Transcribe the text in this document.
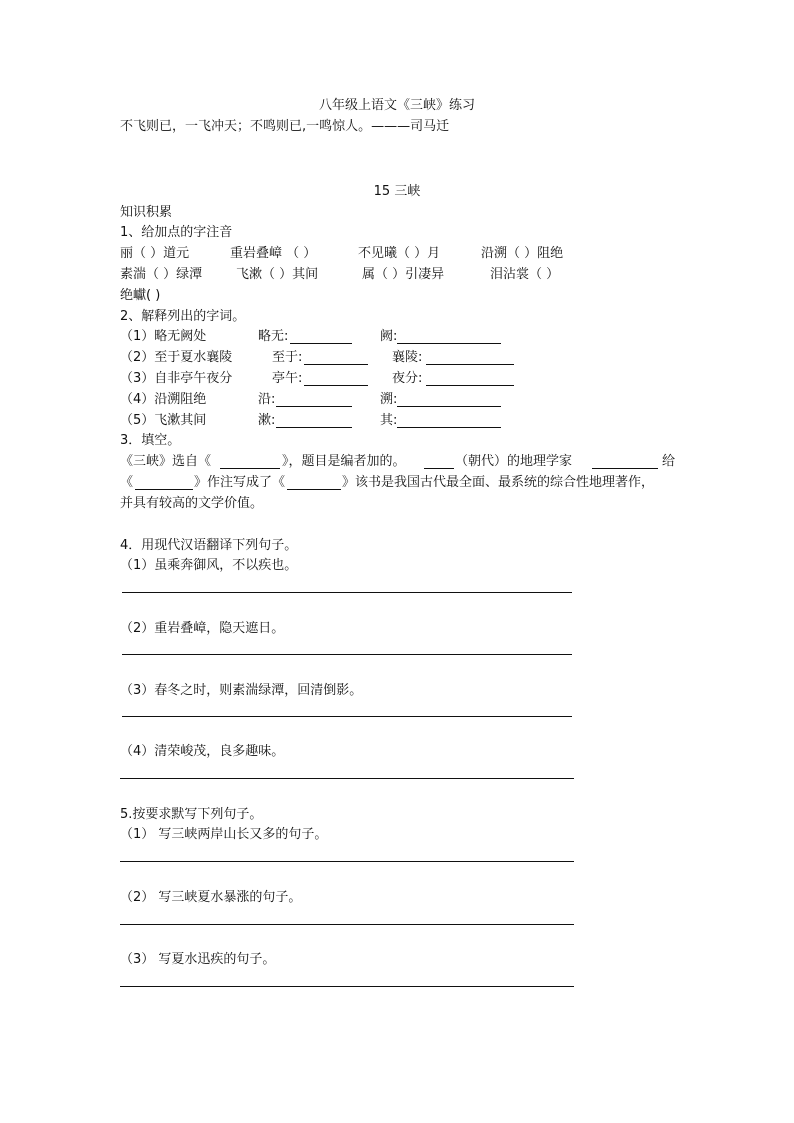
八年级上语文《三峡》练习
不飞则已，一飞冲天；不鸣则已,一鸣惊人。———司马迁
15 三峡
知识积累
1、给加点的字注音
丽（ ）道元	重岩叠嶂 （ ）	不见曦（ ）月	沿溯（ ）阻绝
素湍（ ）绿潭	飞漱（ ）其间	属（ ）引凄异	泪沾裳（ ）
绝巘( )
2、解释列出的字词。
（1）略无阙处	略无:	阙:
（2）至于夏水襄陵	至于:	襄陵:
（3）自非亭午夜分	亭午:	夜分:
（4）沿溯阻绝	沿:	溯:
（5）飞漱其间	漱:	其:
3．填空。
《三峡》选自《	》，题目是编者加的。	（朝代）的地理学家	给
《	》作注写成了《	》该书是我国古代最全面、最系统的综合性地理著作，
并具有较高的文学价值。
4．用现代汉语翻译下列句子。
（1）虽乘奔御风，不以疾也。
（2）重岩叠嶂，隐天遮日。
（3）春冬之时，则素湍绿潭，回清倒影。
（4）清荣峻茂，良多趣味。
5.按要求默写下列句子。
（1） 写三峡两岸山长又多的句子。
（2） 写三峡夏水暴涨的句子。
（3） 写夏水迅疾的句子。
